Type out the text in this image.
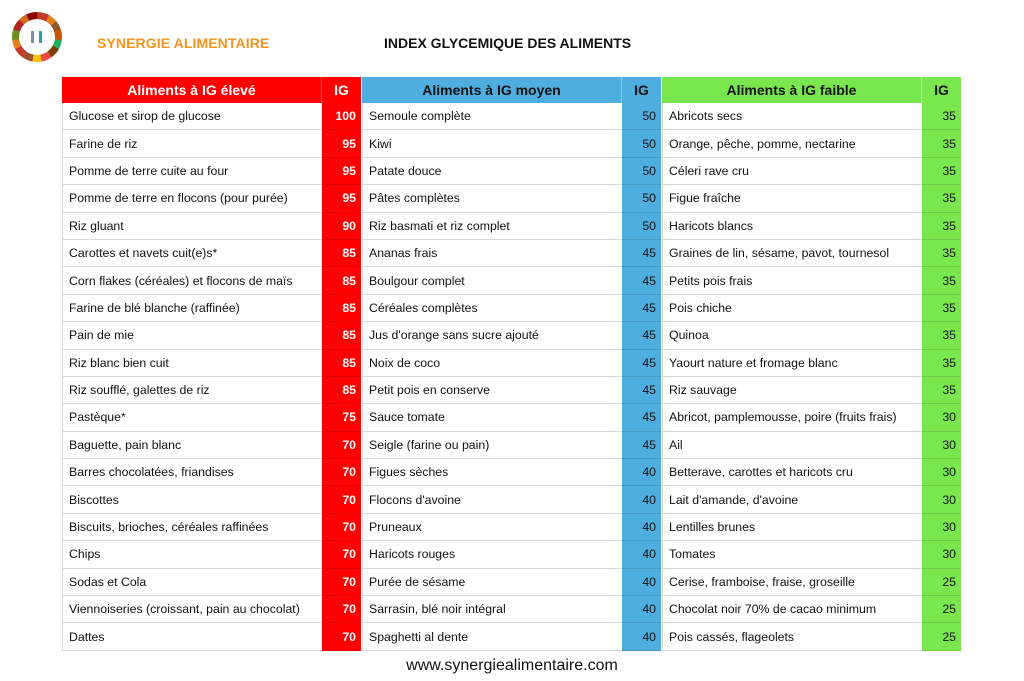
SYNERGIE ALIMENTAIRE	INDEX GLYCEMIQUE DES ALIMENTS
Aliments à IG élevé	IG
Glucose et sirop de glucose	100
Farine de riz	95
Pomme de terre cuite au four	95
Pomme de terre en flocons (pour purée)	95
Riz gluant	90
Carottes et navets cuit(e)s*	85
Corn flakes (céréales) et flocons de maïs	85
Farine de blé blanche (raffinée)	85
Pain de mie	85
Riz blanc bien cuit	85
Riz soufflé, galettes de riz	85
Pastèque*	75
Baguette, pain blanc	70
Barres chocolatées, friandises	70
Biscottes	70
Biscuits, brioches, céréales raffinées	70
Chips	70
Sodas et Cola	70
Viennoiseries (croissant, pain au chocolat)	70
Dattes	70
Aliments à IG moyen	IG
Semoule complète	50
Kiwi	50
Patate douce	50
Pâtes complètes	50
Riz basmati et riz complet	50
Ananas frais	45
Boulgour complet	45
Céréales complètes	45
Jus d'orange sans sucre ajouté	45
Noix de coco	45
Petit pois en conserve	45
Sauce tomate	45
Seigle (farine ou pain)	45
Figues sèches	40
Flocons d'avoine	40
Pruneaux	40
Haricots rouges	40
Purée de sésame	40
Sarrasin, blé noir intégral	40
Spaghetti al dente	40
Aliments à IG faible	IG
Abricots secs	35
Orange, pêche, pomme, nectarine	35
Céleri rave cru	35
Figue fraîche	35
Haricots blancs	35
Graines de lin, sésame, pavot, tournesol	35
Petits pois frais	35
Pois chiche	35
Quinoa	35
Yaourt nature et fromage blanc	35
Riz sauvage	35
Abricot, pamplemousse, poire (fruits frais)	30
Ail	30
Betterave, carottes et haricots cru	30
Lait d'amande, d'avoine	30
Lentilles brunes	30
Tomates	30
Cerise, framboise, fraise, groseille	25
Chocolat noir 70% de cacao minimum	25
Pois cassés, flageolets	25
www.synergiealimentaire.com
